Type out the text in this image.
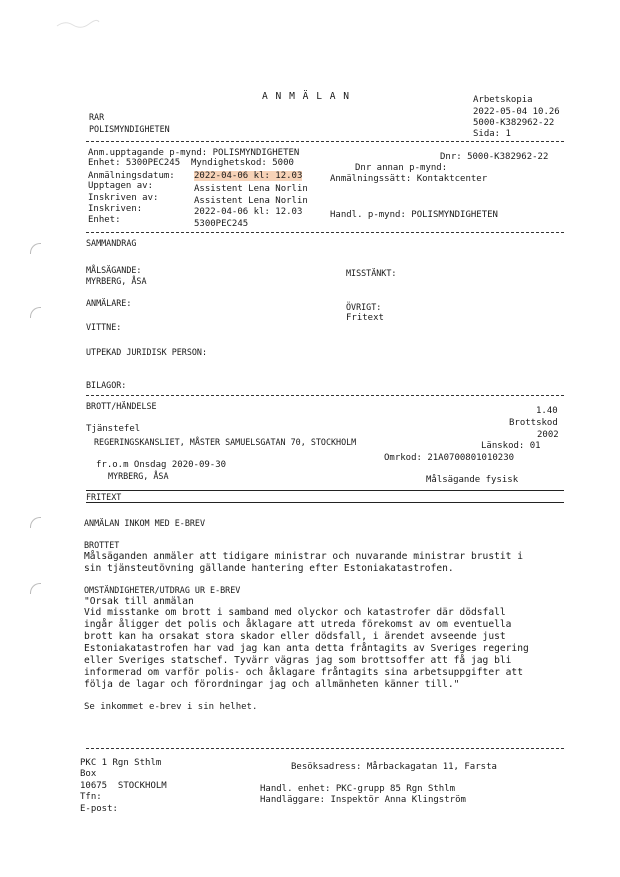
A N M Ä L A N	Arbetskopia
2022-05-04 10.26
5000-K382962-22
Sida: 1
RAR
POLISMYNDIGHETEN
Anm.upptagande p-mynd: POLISMYNDIGHETEN	Dnr: 5000-K382962-22
Enhet: 5300PEC245  Myndighetskod: 5000	Dnr annan p-mynd:
Anmälningsdatum: 2022-04-06 kl: 12.03	Anmälningssätt: Kontaktcenter
Upptagen av:	Assistent Lena Norlin
Inskriven av:	Assistent Lena Norlin
Inskriven:	2022-04-06 kl: 12.03	Handl. p-mynd: POLISMYNDIGHETEN
Enhet:	5300PEC245
SAMMANDRAG
MÅLSÄGANDE:
MYRBERG, ÅSA
MISSTÄNKT:
ANMÄLARE:	ÖVRIGT:
Fritext
VITTNE:
UTPEKAD JURIDISK PERSON:
BILAGOR:
BROTT/HÄNDELSE	1.40
Brottskod
Tjänstefel
2002
REGERINGSKANSLIET, MÅSTER SAMUELSGATAN 70, STOCKHOLM	Länskod: 01
Omrkod: 21A0700801010230
fr.o.m Onsdag 2020-09-30
MYRBERG, ÅSA	Målsägande fysisk
FRITEXT
ANMÄLAN INKOM MED E-BREV
BROTTET
Målsäganden anmäler att tidigare ministrar och nuvarande ministrar brustit i
sin tjänsteutövning gällande hantering efter Estoniakatastrofen.
OMSTÄNDIGHETER/UTDRAG UR E-BREV
"Orsak till anmälan
Vid misstanke om brott i samband med olyckor och katastrofer där dödsfall
ingår åligger det polis och åklagare att utreda förekomst av om eventuella
brott kan ha orsakat stora skador eller dödsfall, i ärendet avseende just
Estoniakatastrofen har vad jag kan anta detta fråntagits av Sveriges regering
eller Sveriges statschef. Tyvärr vägras jag som brottsoffer att få jag bli
informerad om varför polis- och åklagare fråntagits sina arbetsuppgifter att
följa de lagar och förordningar jag och allmänheten känner till."
Se inkommet e-brev i sin helhet.
PKC 1 Rgn Sthlm
Box
10675  STOCKHOLM
Tfn:
E-post:
Besöksadress: Mårbackagatan 11, Farsta
Handl. enhet: PKC-grupp 85 Rgn Sthlm
Handläggare: Inspektör Anna Klingström
